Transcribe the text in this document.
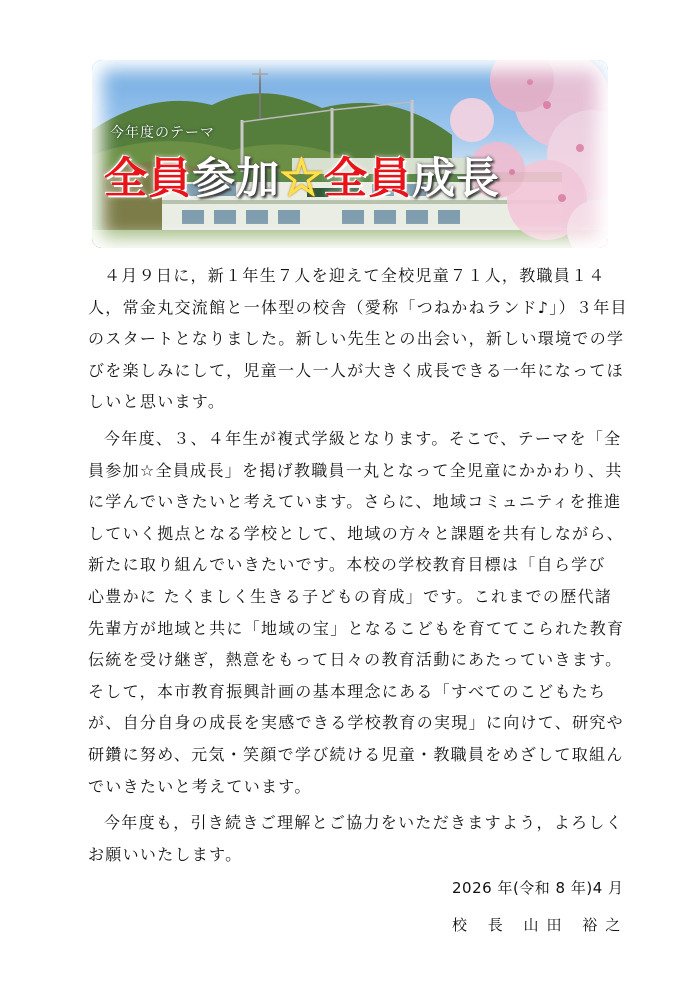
今年度のテーマ
全員参加☆全員成長

４月９日に，新１年生７人を迎えて全校児童７１人，教職員１４人，常金丸交流館と一体型の校舎（愛称「つねかねランド♪」）３年目のスタートとなりました。新しい先生との出会い，新しい環境での学びを楽しみにして，児童一人一人が大きく成長できる一年になってほしいと思います。

今年度、３、４年生が複式学級となります。そこで、テーマを「全員参加☆全員成長」を掲げ教職員一丸となって全児童にかかわり、共に学んでいきたいと考えています。さらに、地域コミュニティを推進していく拠点となる学校として、地域の方々と課題を共有しながら、新たに取り組んでいきたいです。本校の学校教育目標は「自ら学び 心豊かに たくましく生きる子どもの育成」です。これまでの歴代諸先輩方が地域と共に「地域の宝」となるこどもを育ててこられた教育伝統を受け継ぎ，熱意をもって日々の教育活動にあたっていきます。そして，本市教育振興計画の基本理念にある「すべてのこどもたちが、自分自身の成長を実感できる学校教育の実現」に向けて、研究や研鑽に努め、元気・笑顔で学び続ける児童・教職員をめざして取組んでいきたいと考えています。

今年度も，引き続きご理解とご協力をいただきますよう，よろしくお願いいたします。

2026 年(令和 8 年)4 月
校 長 山田 裕之
